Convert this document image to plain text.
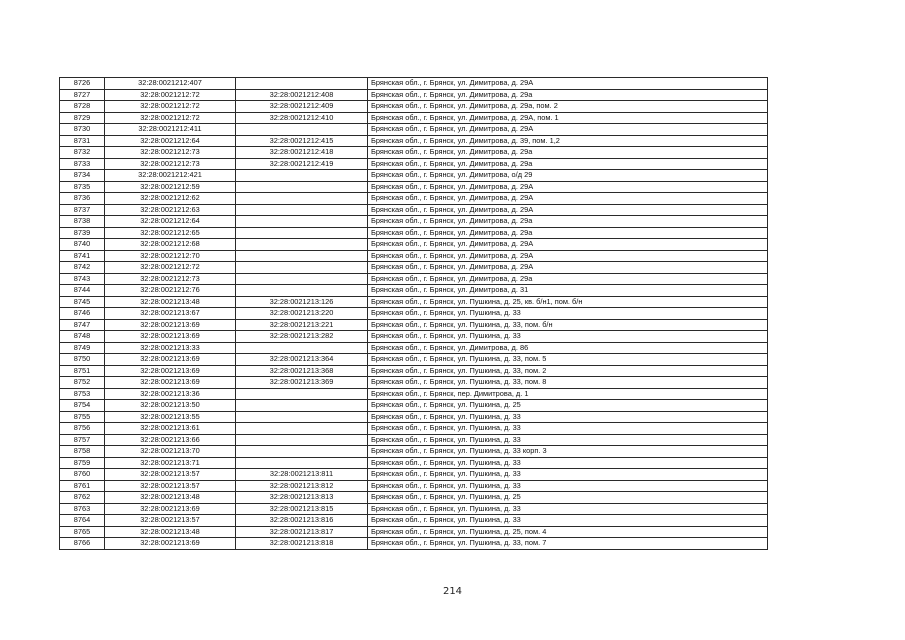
8726	32:28:0021212:407		Брянская обл., г. Брянск, ул. Димитрова, д. 29А
8727	32:28:0021212:72	32:28:0021212:408	Брянская обл., г. Брянск, ул. Димитрова, д. 29а
8728	32:28:0021212:72	32:28:0021212:409	Брянская обл., г. Брянск, ул. Димитрова, д. 29а, пом. 2
8729	32:28:0021212:72	32:28:0021212:410	Брянская обл., г. Брянск, ул. Димитрова, д. 29А, пом. 1
8730	32:28:0021212:411		Брянская обл., г. Брянск, ул. Димитрова, д. 29А
8731	32:28:0021212:64	32:28:0021212:415	Брянская обл., г. Брянск, ул. Димитрова, д. 39, пом. 1,2
8732	32:28:0021212:73	32:28:0021212:418	Брянская обл., г. Брянск, ул. Димитрова, д. 29а
8733	32:28:0021212:73	32:28:0021212:419	Брянская обл., г. Брянск, ул. Димитрова, д. 29а
8734	32:28:0021212:421		Брянская обл., г. Брянск, ул. Димитрова, о/д 29
8735	32:28:0021212:59		Брянская обл., г. Брянск, ул. Димитрова, д. 29А
8736	32:28:0021212:62		Брянская обл., г. Брянск, ул. Димитрова, д. 29А
8737	32:28:0021212:63		Брянская обл., г. Брянск, ул. Димитрова, д. 29А
8738	32:28:0021212:64		Брянская обл., г. Брянск, ул. Димитрова, д. 29а
8739	32:28:0021212:65		Брянская обл., г. Брянск, ул. Димитрова, д. 29а
8740	32:28:0021212:68		Брянская обл., г. Брянск, ул. Димитрова, д. 29А
8741	32:28:0021212:70		Брянская обл., г. Брянск, ул. Димитрова, д. 29А
8742	32:28:0021212:72		Брянская обл., г. Брянск, ул. Димитрова, д. 29А
8743	32:28:0021212:73		Брянская обл., г. Брянск, ул. Димитрова, д. 29а
8744	32:28:0021212:76		Брянская обл., г. Брянск, ул. Димитрова, д. 31
8745	32:28:0021213:48	32:28:0021213:126	Брянская обл., г. Брянск, ул. Пушкина, д. 25, кв. б/н1, пом. б/н
8746	32:28:0021213:67	32:28:0021213:220	Брянская обл., г. Брянск, ул. Пушкина, д. 33
8747	32:28:0021213:69	32:28:0021213:221	Брянская обл., г. Брянск, ул. Пушкина, д. 33, пом. б/н
8748	32:28:0021213:69	32:28:0021213:282	Брянская обл., г. Брянск, ул. Пушкина, д. 33
8749	32:28:0021213:33		Брянская обл., г. Брянск, ул. Димитрова, д. 86
8750	32:28:0021213:69	32:28:0021213:364	Брянская обл., г. Брянск, ул. Пушкина, д. 33, пом. 5
8751	32:28:0021213:69	32:28:0021213:368	Брянская обл., г. Брянск, ул. Пушкина, д. 33, пом. 2
8752	32:28:0021213:69	32:28:0021213:369	Брянская обл., г. Брянск, ул. Пушкина, д. 33, пом. 8
8753	32:28:0021213:36		Брянская обл., г. Брянск, пер. Димитрова, д. 1
8754	32:28:0021213:50		Брянская обл., г. Брянск, ул. Пушкина, д. 25
8755	32:28:0021213:55		Брянская обл., г. Брянск, ул. Пушкина, д. 33
8756	32:28:0021213:61		Брянская обл., г. Брянск, ул. Пушкина, д. 33
8757	32:28:0021213:66		Брянская обл., г. Брянск, ул. Пушкина, д. 33
8758	32:28:0021213:70		Брянская обл., г. Брянск, ул. Пушкина, д. 33 корп. 3
8759	32:28:0021213:71		Брянская обл., г. Брянск, ул. Пушкина, д. 33
8760	32:28:0021213:57	32:28:0021213:811	Брянская обл., г. Брянск, ул. Пушкина, д. 33
8761	32:28:0021213:57	32:28:0021213:812	Брянская обл., г. Брянск, ул. Пушкина, д. 33
8762	32:28:0021213:48	32:28:0021213:813	Брянская обл., г. Брянск, ул. Пушкина, д. 25
8763	32:28:0021213:69	32:28:0021213:815	Брянская обл., г. Брянск, ул. Пушкина, д. 33
8764	32:28:0021213:57	32:28:0021213:816	Брянская обл., г. Брянск, ул. Пушкина, д. 33
8765	32:28:0021213:48	32:28:0021213:817	Брянская обл., г. Брянск, ул. Пушкина, д. 25, пом. 4
8766	32:28:0021213:69	32:28:0021213:818	Брянская обл., г. Брянск, ул. Пушкина, д. 33, пом. 7
214
